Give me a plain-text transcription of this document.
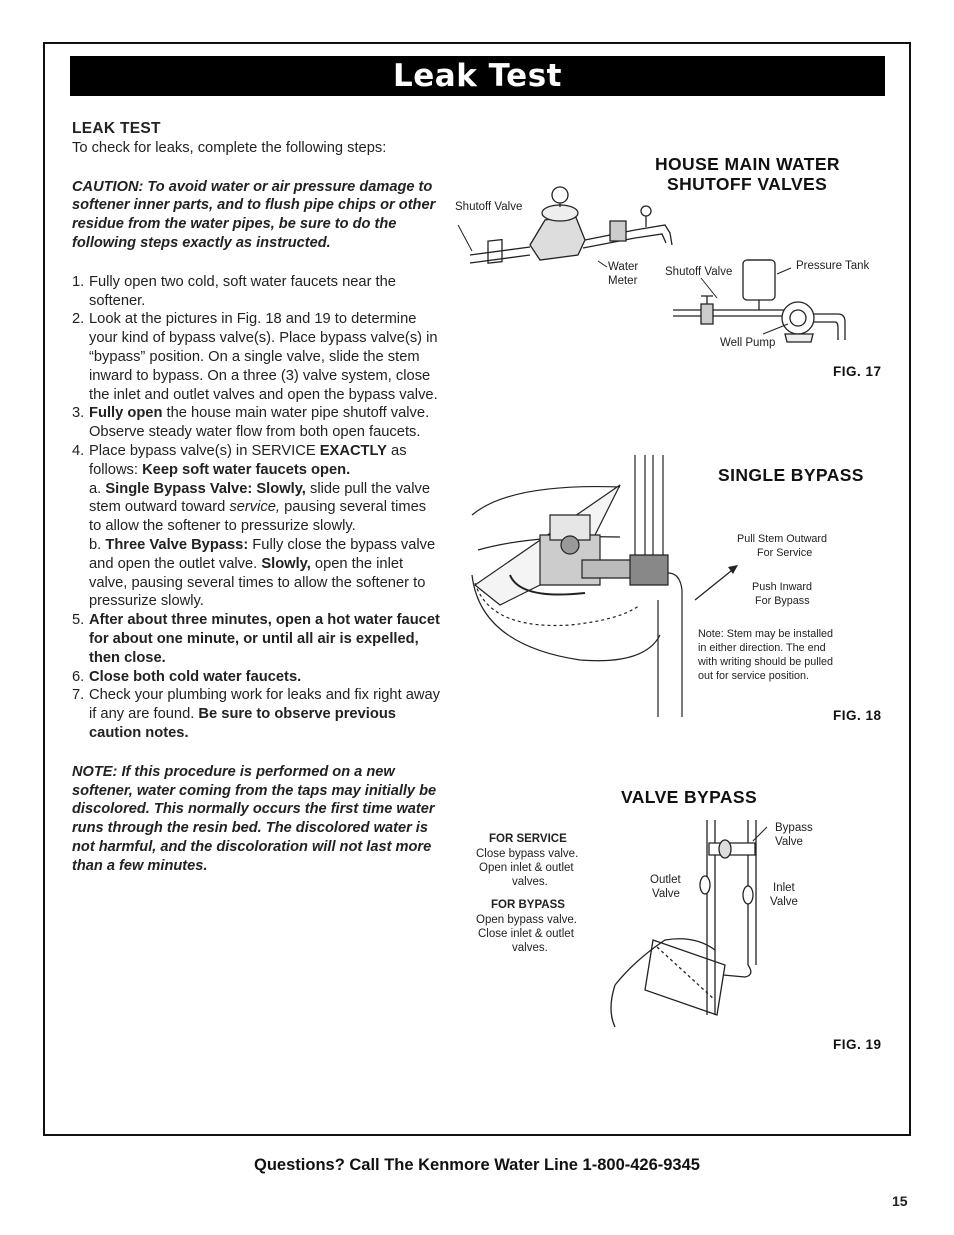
Leak Test

LEAK TEST

To check for leaks, complete the following steps:

CAUTION: To avoid water or air pressure damage to softener inner parts, and to flush pipe chips or other residue from the water pipes, be sure to do the following steps exactly as instructed.

1. Fully open two cold, soft water faucets near the softener.
2. Look at the pictures in Fig. 18 and 19 to determine your kind of bypass valve(s). Place bypass valve(s) in “bypass” position. On a single valve, slide the stem inward to bypass. On a three (3) valve system, close the inlet and outlet valves and open the bypass valve.
3. Fully open the house main water pipe shutoff valve. Observe steady water flow from both open faucets.
4. Place bypass valve(s) in SERVICE EXACTLY as follows: Keep soft water faucets open.
a. Single Bypass Valve: Slowly, slide pull the valve stem outward toward service, pausing several times to allow the softener to pressurize slowly.
b. Three Valve Bypass: Fully close the bypass valve and open the outlet valve. Slowly, open the inlet valve, pausing several times to allow the softener to pressurize slowly.
5. After about three minutes, open a hot water faucet for about one minute, or until all air is expelled, then close.
6. Close both cold water faucets.
7. Check your plumbing work for leaks and fix right away if any are found. Be sure to observe previous caution notes.

NOTE: If this procedure is performed on a new softener, water coming from the taps may initially be discolored. This normally occurs the first time water runs through the resin bed. The discolored water is not harmful, and the discoloration will not last more than a few minutes.

HOUSE MAIN WATER
SHUTOFF VALVES
Shutoff Valve
Water
Meter
Shutoff Valve	Pressure Tank
Well Pump
FIG. 17
SINGLE BYPASS
Pull Stem Outward
For Service
Push Inward
For Bypass
Note: Stem may be installed
in either direction. The end
with writing should be pulled
out for service position.
FIG. 18
VALVE BYPASS
FOR SERVICE
Close bypass valve.
Open inlet & outlet
valves.
FOR BYPASS
Open bypass valve.
Close inlet & outlet
valves.
Bypass
Valve
Outlet
Valve	Inlet
Valve
FIG. 19
Questions? Call The Kenmore Water Line 1-800-426-9345
15
